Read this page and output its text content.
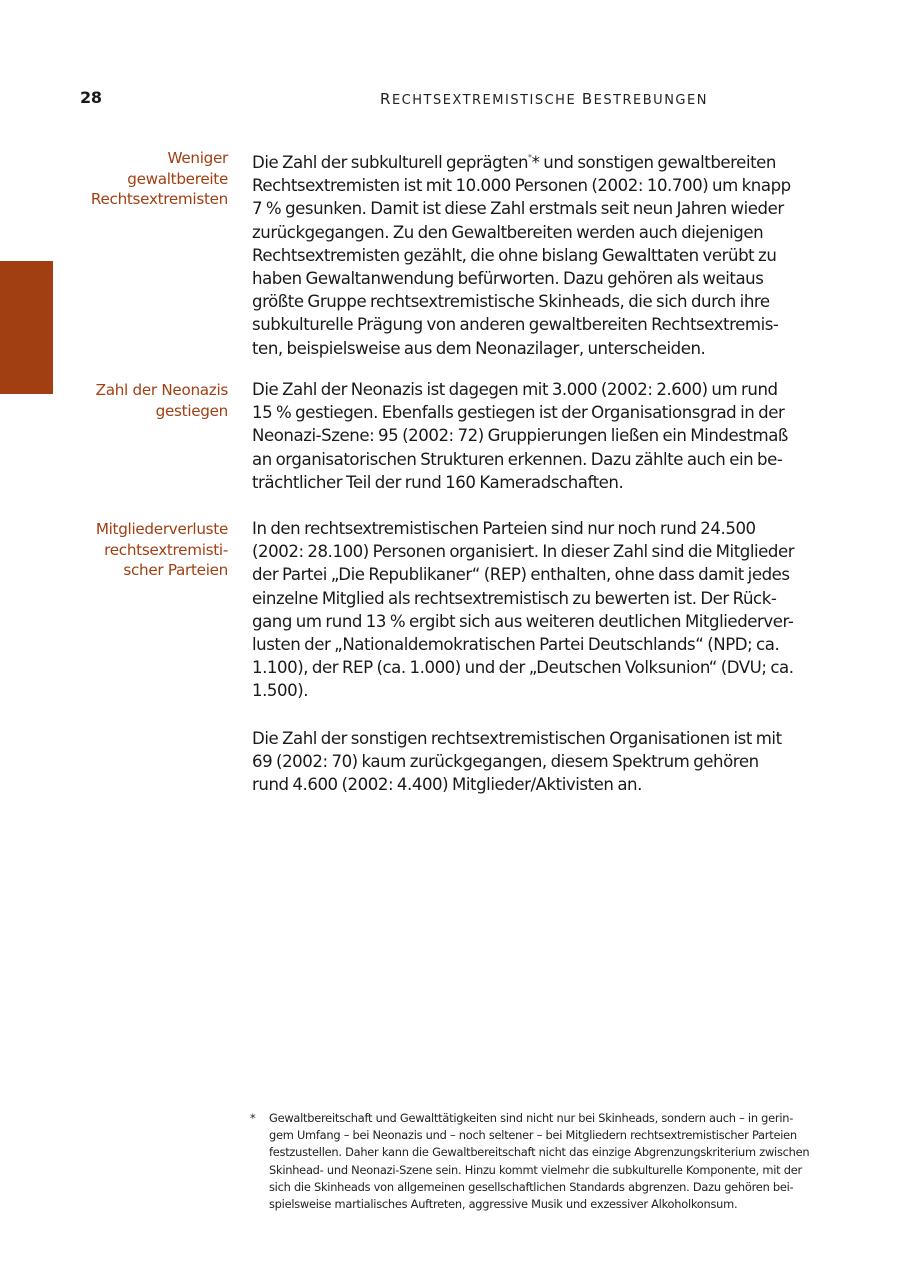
28	RECHTSEXTREMISTISCHE BESTREBUNGEN
Weniger
gewaltbereite
Rechtsextremisten

Die Zahl der subkulturell geprägten** und sonstigen gewaltbereiten
Rechtsextremisten ist mit 10.000 Personen (2002: 10.700) um knapp
7 % gesunken. Damit ist diese Zahl erstmals seit neun Jahren wieder
zurückgegangen. Zu den Gewaltbereiten werden auch diejenigen
Rechtsextremisten gezählt, die ohne bislang Gewalttaten verübt zu
haben Gewaltanwendung befürworten. Dazu gehören als weitaus
größte Gruppe rechtsextremistische Skinheads, die sich durch ihre
subkulturelle Prägung von anderen gewaltbereiten Rechtsextremis-
ten, beispielsweise aus dem Neonazilager, unterscheiden.

Zahl der Neonazis
gestiegen

Die Zahl der Neonazis ist dagegen mit 3.000 (2002: 2.600) um rund
15 % gestiegen. Ebenfalls gestiegen ist der Organisationsgrad in der
Neonazi-Szene: 95 (2002: 72) Gruppierungen ließen ein Mindestmaß
an organisatorischen Strukturen erkennen. Dazu zählte auch ein be-
trächtlicher Teil der rund 160 Kameradschaften.

Mitgliederverluste
rechtsextremisti-
scher Parteien

In den rechtsextremistischen Parteien sind nur noch rund 24.500
(2002: 28.100) Personen organisiert. In dieser Zahl sind die Mitglieder
der Partei „Die Republikaner“ (REP) enthalten, ohne dass damit jedes
einzelne Mitglied als rechtsextremistisch zu bewerten ist. Der Rück-
gang um rund 13 % ergibt sich aus weiteren deutlichen Mitgliederver-
lusten der „Nationaldemokratischen Partei Deutschlands“ (NPD; ca.
1.100), der REP (ca. 1.000) und der „Deutschen Volksunion“ (DVU; ca.
1.500).

Die Zahl der sonstigen rechtsextremistischen Organisationen ist mit
69 (2002: 70) kaum zurückgegangen, diesem Spektrum gehören
rund 4.600 (2002: 4.400) Mitglieder/Aktivisten an.

* Gewaltbereitschaft und Gewalttätigkeiten sind nicht nur bei Skinheads, sondern auch – in gerin-
gem Umfang – bei Neonazis und – noch seltener – bei Mitgliedern rechtsextremistischer Parteien
festzustellen. Daher kann die Gewaltbereitschaft nicht das einzige Abgrenzungskriterium zwischen
Skinhead- und Neonazi-Szene sein. Hinzu kommt vielmehr die subkulturelle Komponente, mit der
sich die Skinheads von allgemeinen gesellschaftlichen Standards abgrenzen. Dazu gehören bei-
spielsweise martialisches Auftreten, aggressive Musik und exzessiver Alkoholkonsum.
